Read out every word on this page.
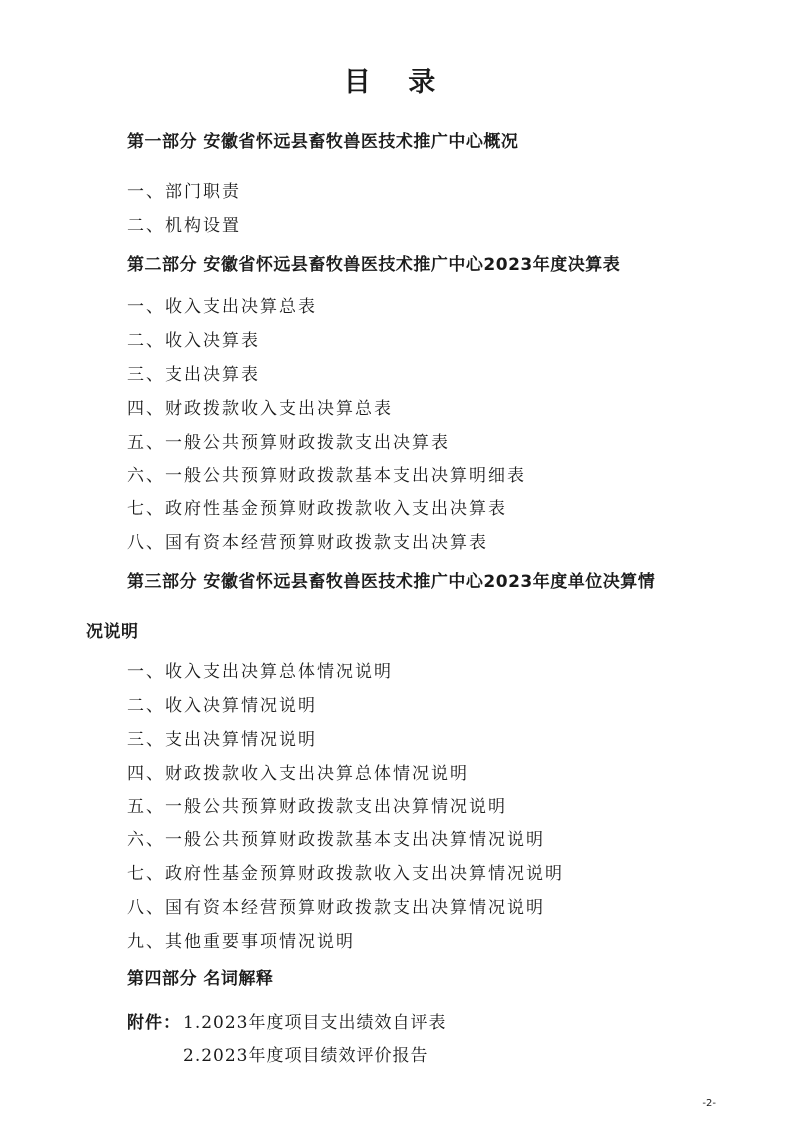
目 录
第一部分 安徽省怀远县畜牧兽医技术推广中心概况
一、部门职责
二、机构设置
第二部分 安徽省怀远县畜牧兽医技术推广中心2023年度决算表
一、收入支出决算总表
二、收入决算表
三、支出决算表
四、财政拨款收入支出决算总表
五、一般公共预算财政拨款支出决算表
六、一般公共预算财政拨款基本支出决算明细表
七、政府性基金预算财政拨款收入支出决算表
八、国有资本经营预算财政拨款支出决算表
第三部分 安徽省怀远县畜牧兽医技术推广中心2023年度单位决算情
况说明
一、收入支出决算总体情况说明
二、收入决算情况说明
三、支出决算情况说明
四、财政拨款收入支出决算总体情况说明
五、一般公共预算财政拨款支出决算情况说明
六、一般公共预算财政拨款基本支出决算情况说明
七、政府性基金预算财政拨款收入支出决算情况说明
八、国有资本经营预算财政拨款支出决算情况说明
九、其他重要事项情况说明
第四部分 名词解释
附件： 1.2023年度项目支出绩效自评表
2.2023年度项目绩效评价报告
-2-
